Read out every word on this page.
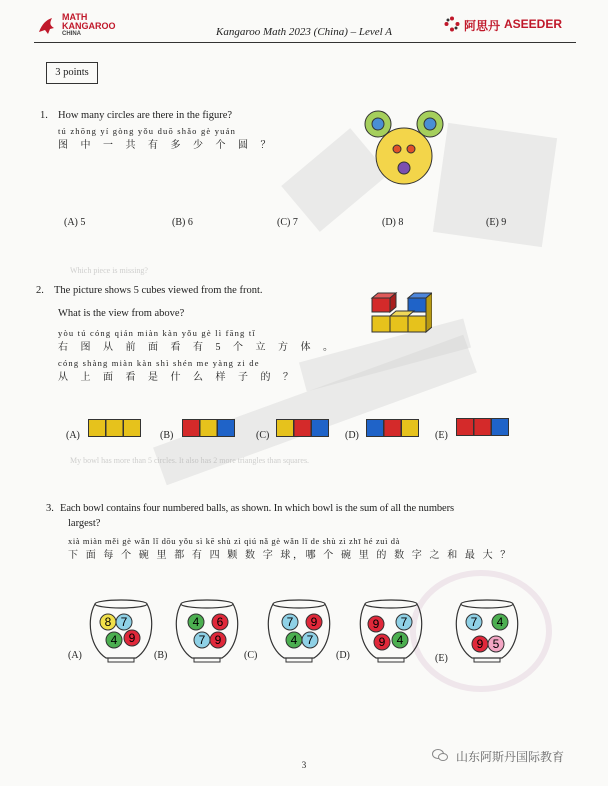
MATH
KANGAROO
CHINA	Kangaroo Math 2023 (China) – Level A	阿思丹 ASEEDER
3 points
1. How many circles are there in the figure?
tú zhōng yí gòng yǒu duō shǎo gè yuán
图 中 一 共 有 多 少 个 圆 ？
(A) 5	(B) 6	(C) 7	(D) 8	(E) 9
2. The picture shows 5 cubes viewed from the front.
What is the view from above?
yòu tú cóng qián miàn kàn yǒu gè lì fāng tǐ
右 图 从 前 面 看 有 5 个 立 方 体 。
cóng shàng miàn kàn shì shén me yàng zi de
从 上 面 看 是 什 么 样 子 的 ？
(A)	(B)	(C)	(D)	(E)
My bowl has more than 5 circles. It also has 2 more triangles than squares.
Which piece is missing?
3. Each bowl contains four numbered balls, as shown. In which bowl is the sum of all the numbers
largest?
xià miàn měi gè wǎn lǐ dōu yǒu sì kē shù zì qiú nǎ gè wǎn lǐ de shù zì zhī hé zuì dà
下 面 每 个 碗 里 都 有 四 颗 数 字 球，哪 个 碗 里 的 数 字 之 和 最 大 ？
(A)	(B)	(C)	(D)	(E)
8 7
4 9
4 6
7 9
7 9
4 7
9 7
9 4
7 4
9 5
3
山东阿斯丹国际教育
